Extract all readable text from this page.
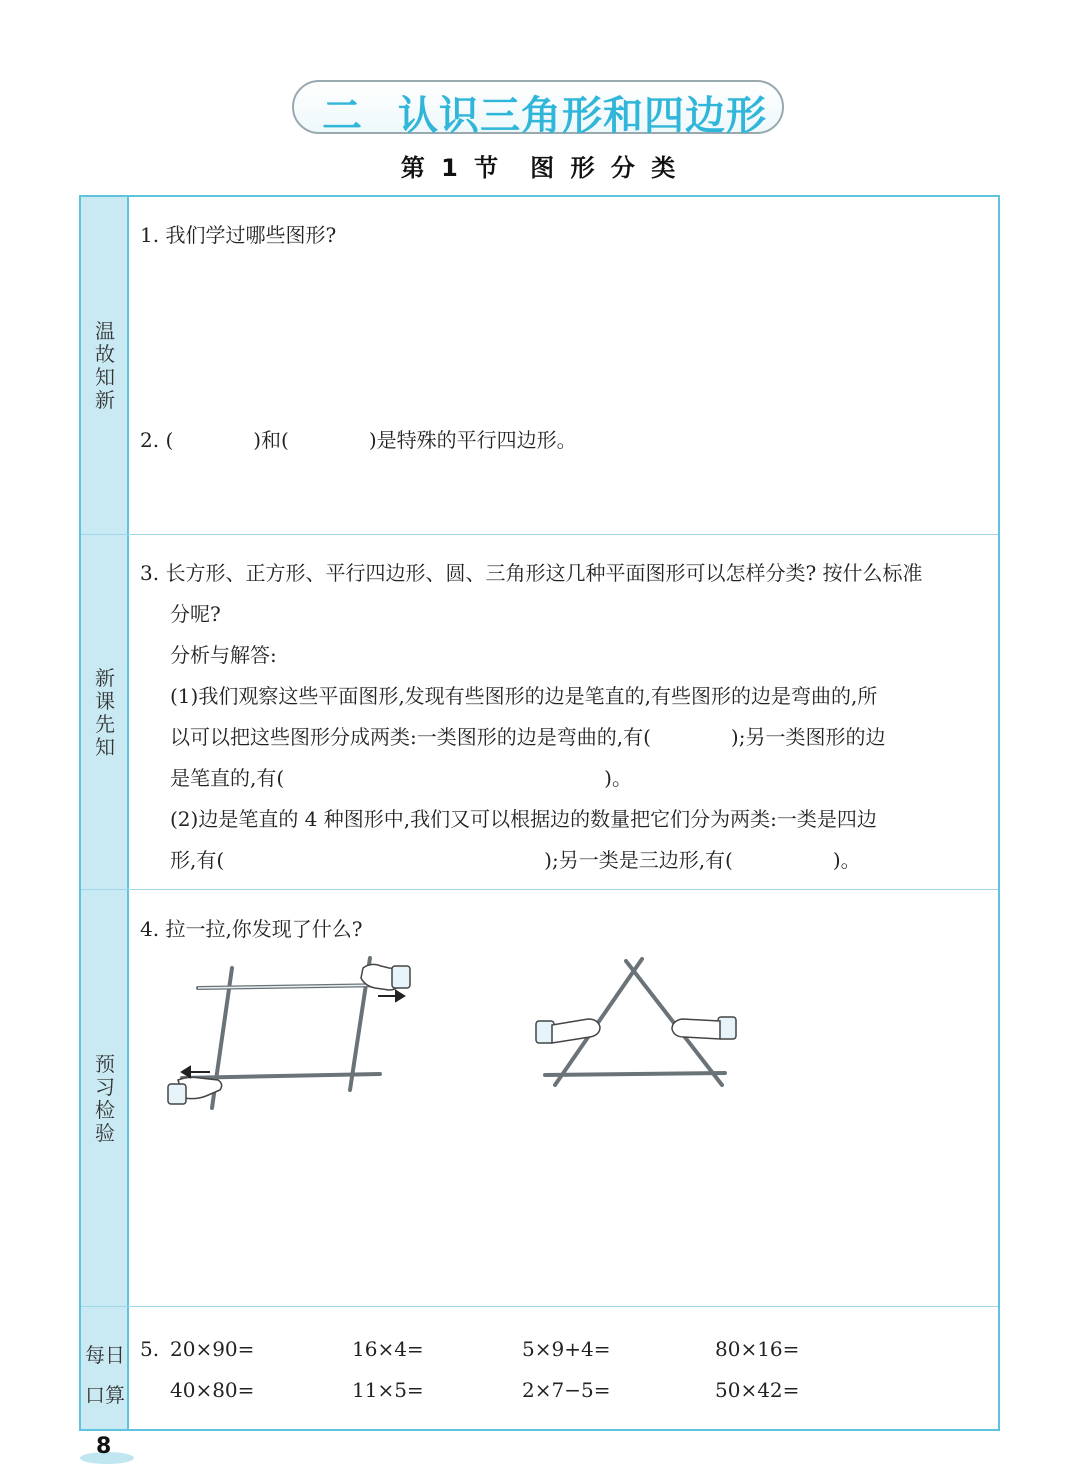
二 认识三角形和四边形
第 1 节　图 形 分 类
温
故
知
新
新
课
先
知
预
习
检
验
每日
口算
1. 我们学过哪些图形?
2. (　　　　)和(　　　　)是特殊的平行四边形。
3. 长方形、正方形、平行四边形、圆、三角形这几种平面图形可以怎样分类? 按什么标准
分呢?
分析与解答:
(1)我们观察这些平面图形,发现有些图形的边是笔直的,有些图形的边是弯曲的,所
以可以把这些图形分成两类:一类图形的边是弯曲的,有(　　　　);另一类图形的边
是笔直的,有(　　　　　　　　　　　　　　　　)。
(2)边是笔直的 4 种图形中,我们又可以根据边的数量把它们分为两类:一类是四边
形,有(　　　　　　　　　　　　　　　　);另一类是三边形,有(　　　　　)。
4. 拉一拉,你发现了什么?
5. 20×90=	16×4=	5×9+4=	80×16=
40×80=	11×5=	2×7−5=	50×42=
8
